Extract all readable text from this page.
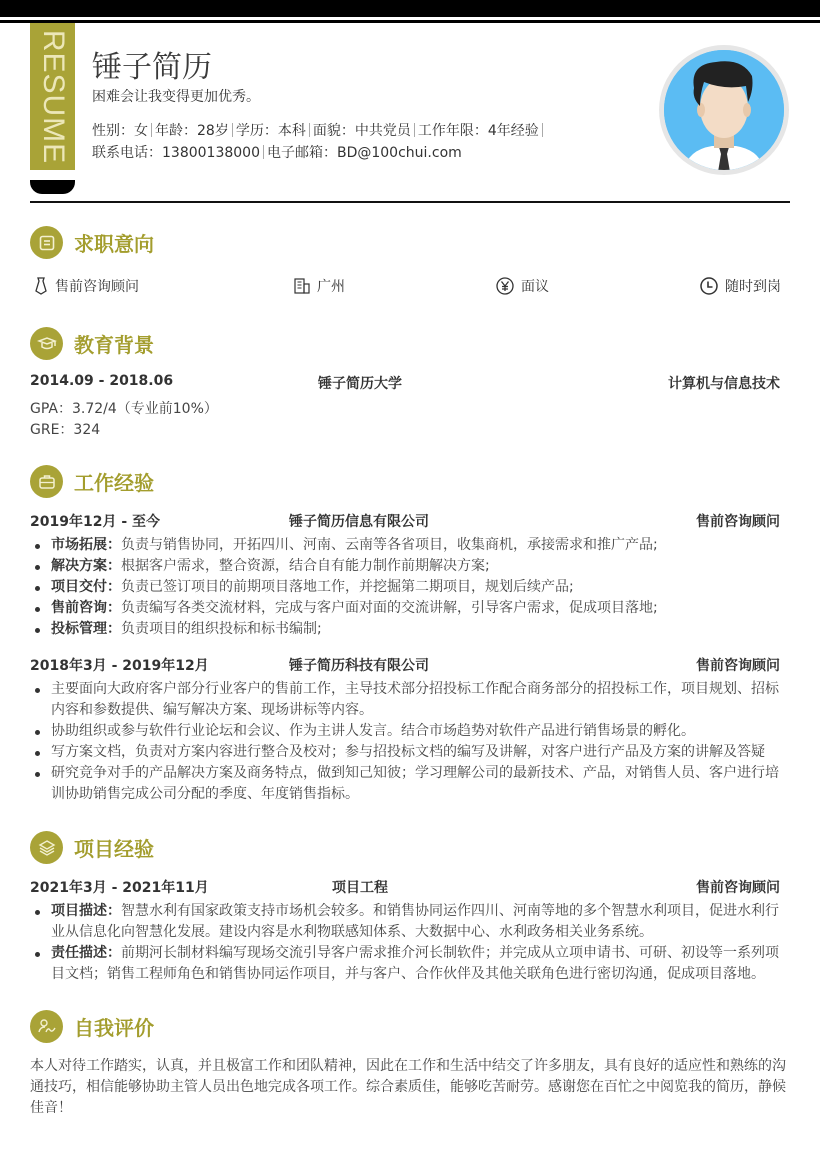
RESUME 锤子简历
困难会让我变得更加优秀。
性别：女 年龄：28岁 学历：本科 面貌：中共党员 工作年限：4年经验
联系电话：13800138000 电子邮箱：BD@100chui.com
求职意向
售前咨询顾问	广州	面议	随时到岗
教育背景
2014.09 - 2018.06	锤子简历大学	计算机与信息技术
GPA：3.72/4（专业前10%）
GRE：324
工作经验
2019年12月 - 至今	锤子简历信息有限公司	售前咨询顾问
市场拓展：负责与销售协同，开拓四川、河南、云南等各省项目，收集商机，承接需求和推广产品;
解决方案：根据客户需求，整合资源，结合自有能力制作前期解决方案;
项目交付：负责已签订项目的前期项目落地工作，并挖掘第二期项目，规划后续产品;
售前咨询：负责编写各类交流材料，完成与客户面对面的交流讲解，引导客户需求，促成项目落地;
投标管理：负责项目的组织投标和标书编制;
2018年3月 - 2019年12月	锤子简历科技有限公司	售前咨询顾问
主要面向大政府客户部分行业客户的售前工作，主导技术部分招投标工作配合商务部分的招投标工作，项目规划、招标内容和参数提供、编写解决方案、现场讲标等内容。
协助组织或参与软件行业论坛和会议、作为主讲人发言。结合市场趋势对软件产品进行销售场景的孵化。
写方案文档，负责对方案内容进行整合及校对；参与招投标文档的编写及讲解，对客户进行产品及方案的讲解及答疑
研究竞争对手的产品解决方案及商务特点，做到知己知彼；学习理解公司的最新技术、产品，对销售人员、客户进行培训协助销售完成公司分配的季度、年度销售指标。
项目经验
2021年3月 - 2021年11月	项目工程	售前咨询顾问
项目描述：智慧水利有国家政策支持市场机会较多。和销售协同运作四川、河南等地的多个智慧水利项目，促进水利行业从信息化向智慧化发展。建设内容是水利物联感知体系、大数据中心、水利政务相关业务系统。
责任描述：前期河长制材料编写现场交流引导客户需求推介河长制软件；并完成从立项申请书、可研、初设等一系列项目文档；销售工程师角色和销售协同运作项目，并与客户、合作伙伴及其他关联角色进行密切沟通，促成项目落地。
自我评价
本人对待工作踏实，认真，并且极富工作和团队精神，因此在工作和生活中结交了许多朋友，具有良好的适应性和熟练的沟通技巧，相信能够协助主管人员出色地完成各项工作。综合素质佳，能够吃苦耐劳。感谢您在百忙之中阅览我的简历，静候佳音！
